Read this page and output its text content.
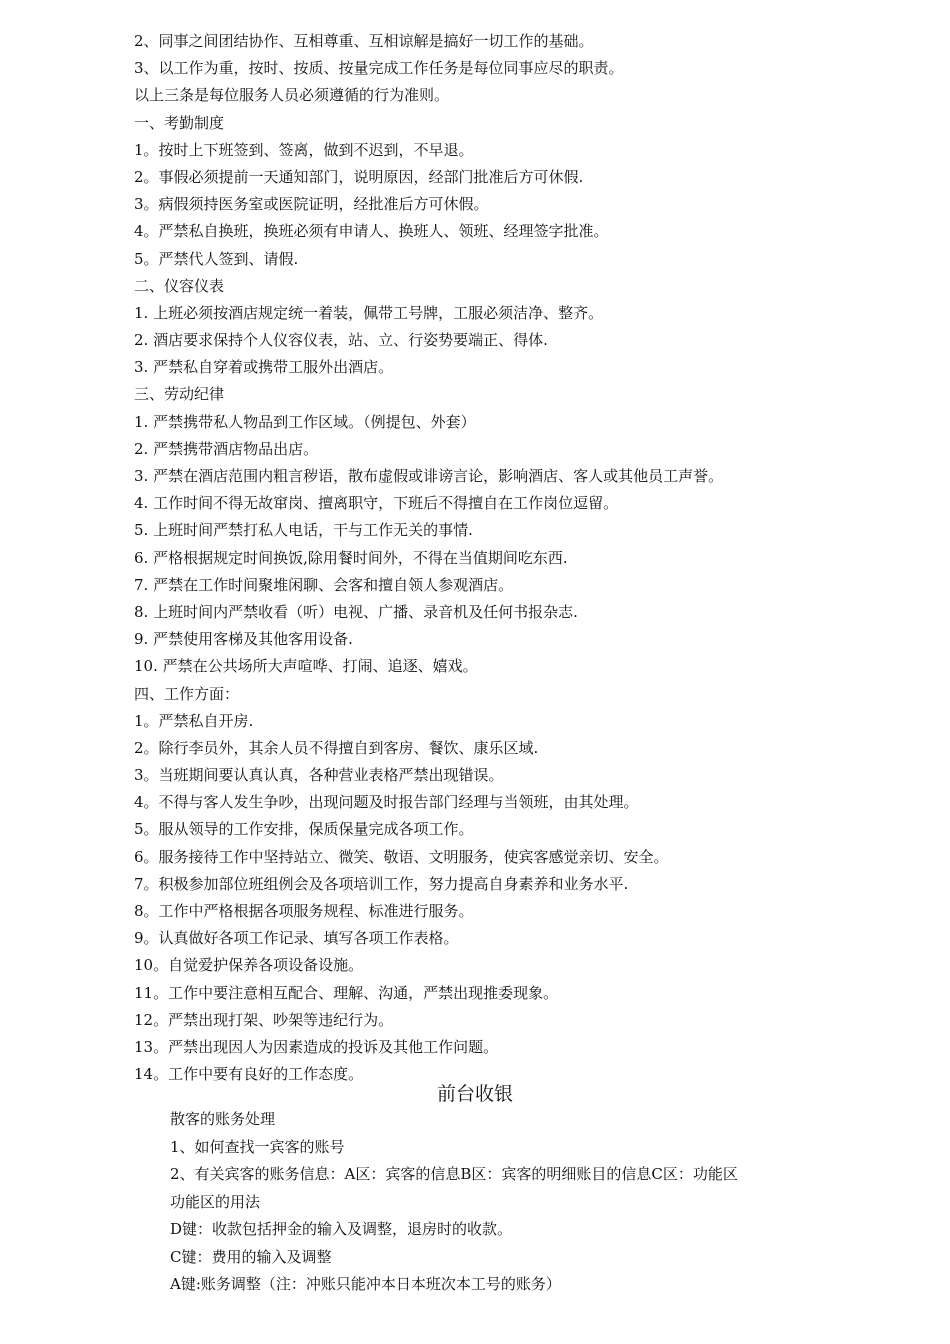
2、同事之间团结协作、互相尊重、互相谅解是搞好一切工作的基础。
3、以工作为重，按时、按质、按量完成工作任务是每位同事应尽的职责。
以上三条是每位服务人员必须遵循的行为准则。
一、考勤制度
1。按时上下班签到、签离，做到不迟到，不早退。
2。事假必须提前一天通知部门，说明原因，经部门批准后方可休假.
3。病假须持医务室或医院证明，经批准后方可休假。
4。严禁私自换班，换班必须有申请人、换班人、领班、经理签字批准。
5。严禁代人签到、请假.
二、仪容仪表
1. 上班必须按酒店规定统一着装，佩带工号牌，工服必须洁净、整齐。
2. 酒店要求保持个人仪容仪表，站、立、行姿势要端正、得体.
3. 严禁私自穿着或携带工服外出酒店。
三、劳动纪律
1. 严禁携带私人物品到工作区域。（例提包、外套）
2. 严禁携带酒店物品出店。
3. 严禁在酒店范围内粗言秽语，散布虚假或诽谤言论，影响酒店、客人或其他员工声誉。
4. 工作时间不得无故窜岗、擅离职守，下班后不得擅自在工作岗位逗留。
5. 上班时间严禁打私人电话，干与工作无关的事情.
6. 严格根据规定时间换饭,除用餐时间外，不得在当值期间吃东西.
7. 严禁在工作时间聚堆闲聊、会客和擅自领人参观酒店。
8. 上班时间内严禁收看（听）电视、广播、录音机及任何书报杂志.
9. 严禁使用客梯及其他客用设备.
10. 严禁在公共场所大声喧哗、打闹、追逐、嬉戏。
四、工作方面：
1。严禁私自开房.
2。除行李员外，其余人员不得擅自到客房、餐饮、康乐区域.
3。当班期间要认真认真，各种营业表格严禁出现错误。
4。不得与客人发生争吵，出现问题及时报告部门经理与当领班，由其处理。
5。服从领导的工作安排，保质保量完成各项工作。
6。服务接待工作中坚持站立、微笑、敬语、文明服务，使宾客感觉亲切、安全。
7。积极参加部位班组例会及各项培训工作，努力提高自身素养和业务水平.
8。工作中严格根据各项服务规程、标准进行服务。
9。认真做好各项工作记录、填写各项工作表格。
10。自觉爱护保养各项设备设施。
11。工作中要注意相互配合、理解、沟通，严禁出现推委现象。
12。严禁出现打架、吵架等违纪行为。
13。严禁出现因人为因素造成的投诉及其他工作问题。
14。工作中要有良好的工作态度。
前台收银
散客的账务处理
1、如何查找一宾客的账号
2、有关宾客的账务信息：A区：宾客的信息B区：宾客的明细账目的信息C区：功能区
功能区的用法
D键：收款包括押金的输入及调整，退房时的收款。
C键：费用的输入及调整
A键:账务调整（注：冲账只能冲本日本班次本工号的账务）
